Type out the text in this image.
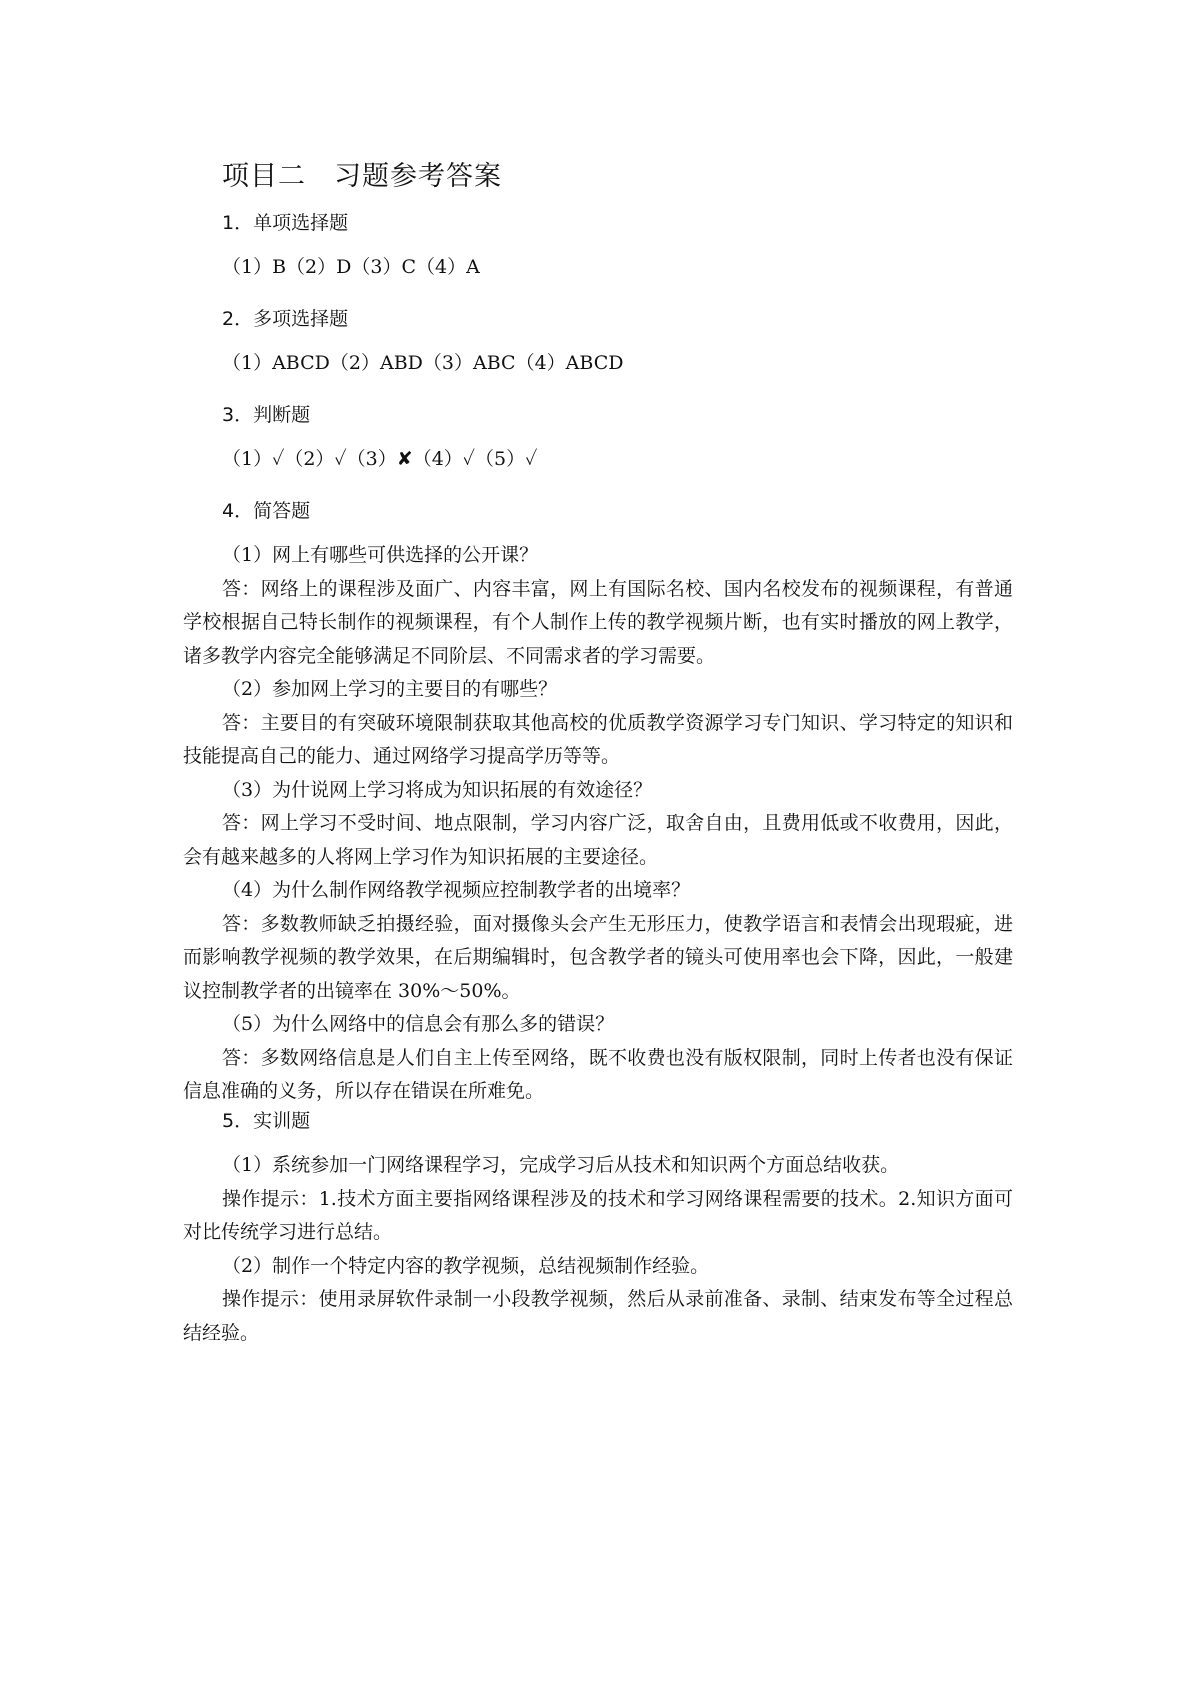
项目二　习题参考答案
1．单项选择题
（1）B（2）D（3）C（4）A
2．多项选择题
（1）ABCD（2）ABD（3）ABC（4）ABCD
3．判断题
（1）✓（2）✓（3）✘（4）✓（5）✓
4．简答题

（1）网上有哪些可供选择的公开课？

答：网络上的课程涉及面广、内容丰富，网上有国际名校、国内名校发布的视频课程，有普通学校根据自己特长制作的视频课程，有个人制作上传的教学视频片断，也有实时播放的网上教学，诸多教学内容完全能够满足不同阶层、不同需求者的学习需要。

（2）参加网上学习的主要目的有哪些？

答：主要目的有突破环境限制获取其他高校的优质教学资源学习专门知识、学习特定的知识和技能提高自己的能力、通过网络学习提高学历等等。

（3）为什说网上学习将成为知识拓展的有效途径？

答：网上学习不受时间、地点限制，学习内容广泛，取舍自由，且费用低或不收费用，因此，会有越来越多的人将网上学习作为知识拓展的主要途径。

（4）为什么制作网络教学视频应控制教学者的出境率？

答：多数教师缺乏拍摄经验，面对摄像头会产生无形压力，使教学语言和表情会出现瑕疵，进而影响教学视频的教学效果，在后期编辑时，包含教学者的镜头可使用率也会下降，因此，一般建议控制教学者的出镜率在 30%～50%。

（5）为什么网络中的信息会有那么多的错误？

答：多数网络信息是人们自主上传至网络，既不收费也没有版权限制，同时上传者也没有保证信息准确的义务，所以存在错误在所难免。

5．实训题

（1）系统参加一门网络课程学习，完成学习后从技术和知识两个方面总结收获。

操作提示：1.技术方面主要指网络课程涉及的技术和学习网络课程需要的技术。2.知识方面可对比传统学习进行总结。

（2）制作一个特定内容的教学视频，总结视频制作经验。

操作提示：使用录屏软件录制一小段教学视频，然后从录前准备、录制、结束发布等全过程总结经验。
